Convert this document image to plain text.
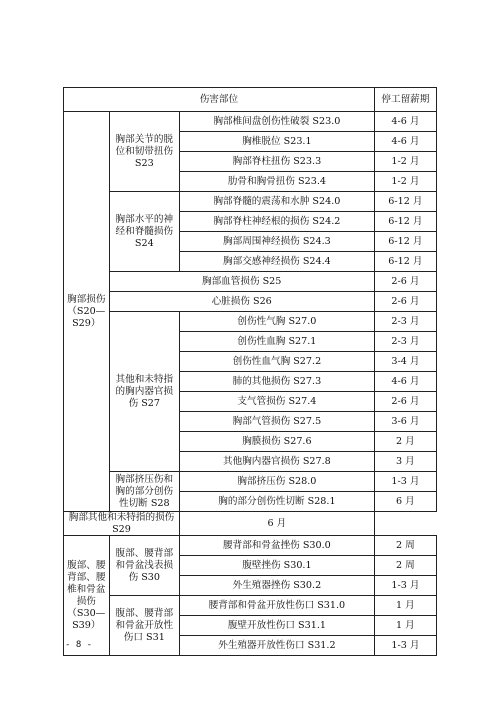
伤害部位			停工留薪期
胸部损伤（S20—S29）	胸部关节的脱位和韧带扭伤 S23	胸部椎间盘创伤性破裂 S23.0	4-6 月
		胸椎脱位 S23.1	4-6 月
		胸部脊柱扭伤 S23.3	1-2 月
		肋骨和胸骨扭伤 S23.4	1-2 月
	胸部水平的神经和脊髓损伤 S24	胸部脊髓的震荡和水肿 S24.0	6-12 月
		胸部脊柱神经根的损伤 S24.2	6-12 月
		胸部周围神经损伤 S24.3	6-12 月
		胸部交感神经损伤 S24.4	6-12 月
	胸部血管损伤 S25		2-6 月
	心脏损伤 S26		2-6 月
	其他和未特指的胸内器官损伤 S27	创伤性气胸 S27.0	2-3 月
		创伤性血胸 S27.1	2-3 月
		创伤性血气胸 S27.2	3-4 月
		肺的其他损伤 S27.3	4-6 月
		支气管损伤 S27.4	2-6 月
		胸部气管损伤 S27.5	3-6 月
		胸膜损伤 S27.6	2 月
		其他胸内器官损伤 S27.8	3 月
	胸部挤压伤和胸的部分创伤性切断 S28	胸部挤压伤 S28.0	1-3 月
		胸的部分创伤性切断 S28.1	6 月
胸部其他和未特指的损伤 S29		6 月	
腹部、腰背部、腰椎和骨盆损伤（S30—S39）	腹部、腰背部和骨盆浅表损伤 S30	腰背部和骨盆挫伤 S30.0	2 周
		腹壁挫伤 S30.1	2 周
		外生殖器挫伤 S30.2	1-3 月
	腹部、腰背部和骨盆开放性伤口 S31	腰背部和骨盆开放性伤口 S31.0	1 月
		腹壁开放性伤口 S31.1	1 月
		外生殖器开放性伤口 S31.2	1-3 月
- 8 -
